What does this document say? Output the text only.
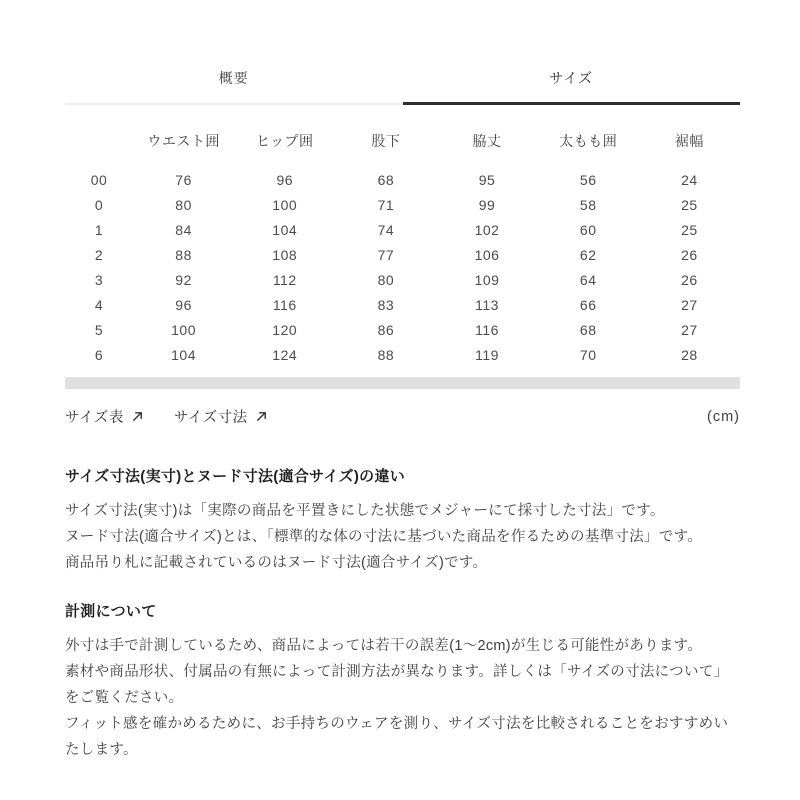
概要	サイズ
	ウエスト囲	ヒップ囲	股下	脇丈	太もも囲	裾幅
00	76	96	68	95	56	24
0	80	100	71	99	58	25
1	84	104	74	102	60	25
2	88	108	77	106	62	26
3	92	112	80	109	64	26
4	96	116	83	113	66	27
5	100	120	86	116	68	27
6	104	124	88	119	70	28
サイズ表	サイズ寸法	(cm)
サイズ寸法(実寸)とヌード寸法(適合サイズ)の違い

サイズ寸法(実寸)は「実際の商品を平置きにした状態でメジャーにて採寸した寸法」です。

ヌード寸法(適合サイズ)とは、「標準的な体の寸法に基づいた商品を作るための基準寸法」です。

商品吊り札に記載されているのはヌード寸法(適合サイズ)です。

計測について

外寸は手で計測しているため、商品によっては若干の誤差(1〜2cm)が生じる可能性があります。

素材や商品形状、付属品の有無によって計測方法が異なります。詳しくは「サイズの寸法について」をご覧ください。

フィット感を確かめるために、お手持ちのウェアを測り、サイズ寸法を比較されることをおすすめいたします。
